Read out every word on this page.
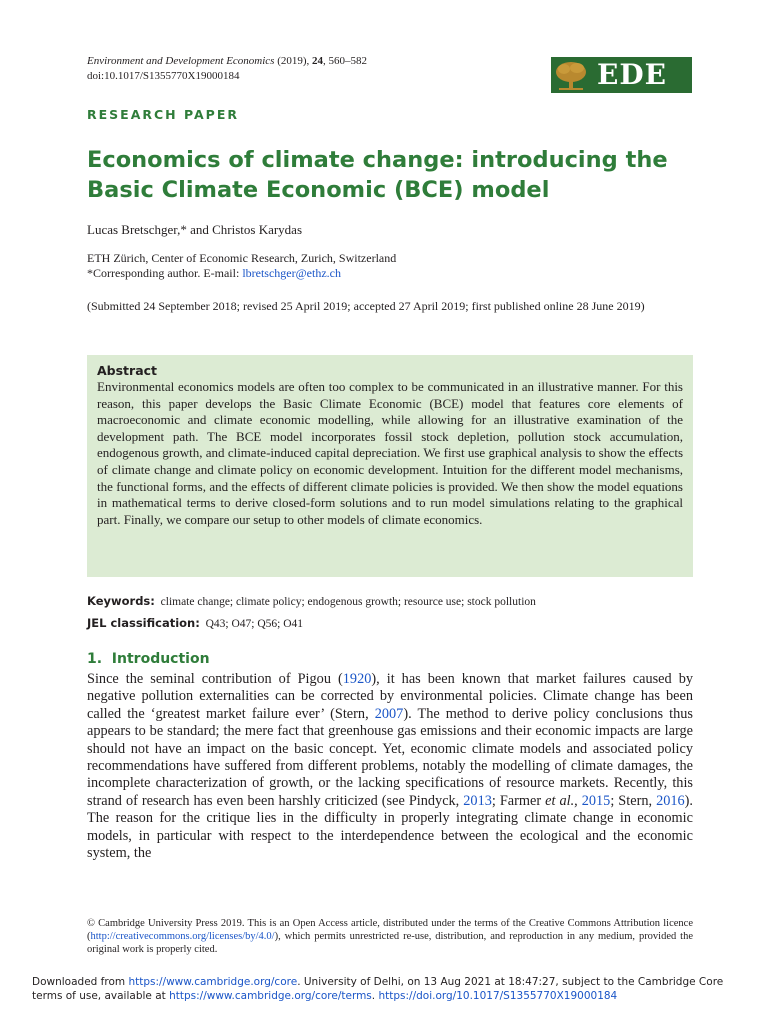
Environment and Development Economics (2019), 24, 560–582
doi:10.1017/S1355770X19000184	EDE
RESEARCH PAPER
Economics of climate change: introducing the Basic Climate Economic (BCE) model
Lucas Bretschger,* and Christos Karydas
ETH Zürich, Center of Economic Research, Zurich, Switzerland
*Corresponding author. E-mail: lbretschger@ethz.ch
(Submitted 24 September 2018; revised 25 April 2019; accepted 27 April 2019; first published online 28 June 2019)
Abstract
Environmental economics models are often too complex to be communicated in an illustrative manner. For this reason, this paper develops the Basic Climate Economic (BCE) model that features core elements of macroeconomic and climate economic modelling, while allowing for an illustrative examination of the development path. The BCE model incorporates fossil stock depletion, pollution stock accumulation, endogenous growth, and climate-induced capital depreciation. We first use graphical analysis to show the effects of climate change and climate policy on economic development. Intuition for the different model mechanisms, the functional forms, and the effects of different climate policies is provided. We then show the model equations in mathematical terms to derive closed-form solutions and to run model simulations relating to the graphical part. Finally, we compare our setup to other models of climate economics.
Keywords: climate change; climate policy; endogenous growth; resource use; stock pollution
JEL classification: Q43; O47; Q56; O41
1.  Introduction

Since the seminal contribution of Pigou (1920), it has been known that market failures caused by negative pollution externalities can be corrected by environmental policies. Climate change has been called the ‘greatest market failure ever’ (Stern, 2007). The method to derive policy conclusions thus appears to be standard; the mere fact that greenhouse gas emissions and their economic impacts are large should not have an impact on the basic concept. Yet, economic climate models and associated policy recommendations have suffered from different problems, notably the modelling of climate damages, the incomplete characterization of growth, or the lacking specifications of resource markets. Recently, this strand of research has even been harshly criticized (see Pindyck, 2013; Farmer et al., 2015; Stern, 2016). The reason for the critique lies in the difficulty in properly integrating climate change in economic models, in particular with respect to the interdependence between the ecological and the economic system, the

© Cambridge University Press 2019. This is an Open Access article, distributed under the terms of the Creative Commons Attribution licence (http://creativecommons.org/licenses/by/4.0/), which permits unrestricted re-use, distribution, and reproduction in any medium, provided the original work is properly cited.
Downloaded from https://www.cambridge.org/core. University of Delhi, on 13 Aug 2021 at 18:47:27, subject to the Cambridge Core terms of use, available at https://www.cambridge.org/core/terms. https://doi.org/10.1017/S1355770X19000184
